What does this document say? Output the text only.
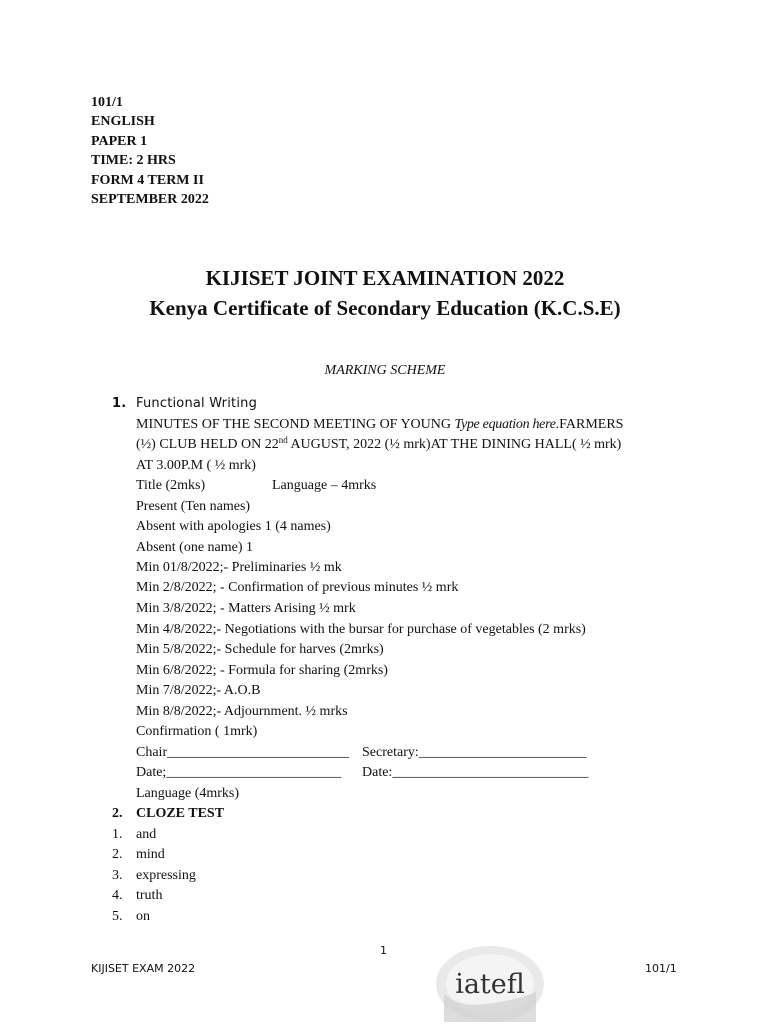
101/1
ENGLISH
PAPER 1
TIME: 2 HRS
FORM 4 TERM II
SEPTEMBER 2022
KIJISET JOINT EXAMINATION 2022
Kenya Certificate of Secondary Education (K.C.S.E)
MARKING SCHEME
1. Functional Writing
MINUTES OF THE SECOND MEETING OF YOUNG Type equation here.FARMERS
(½) CLUB HELD ON 22nd AUGUST, 2022 (½ mrk)AT THE DINING HALL( ½ mrk)
AT 3.00P.M ( ½ mrk)
Title (2mks)	Language – 4mrks
Present (Ten names)
Absent with apologies 1 (4 names)
Absent (one name) 1
Min 01/8/2022;- Preliminaries ½ mk
Min 2/8/2022; - Confirmation of previous minutes ½ mrk
Min 3/8/2022; - Matters Arising ½ mrk
Min 4/8/2022;- Negotiations with the bursar for purchase of vegetables (2 mrks)
Min 5/8/2022;- Schedule for harves (2mrks)
Min 6/8/2022; - Formula for sharing (2mrks)
Min 7/8/2022;- A.O.B
Min 8/8/2022;- Adjournment. ½ mrks
Confirmation ( 1mrk)
Chair__________________________ Secretary:________________________
Date;_________________________ Date:____________________________
Language (4mrks)
2. CLOZE TEST
1. and
2. mind
3. expressing
4. truth
5. on
1
KIJISET EXAM 2022	101/1
iatefl
